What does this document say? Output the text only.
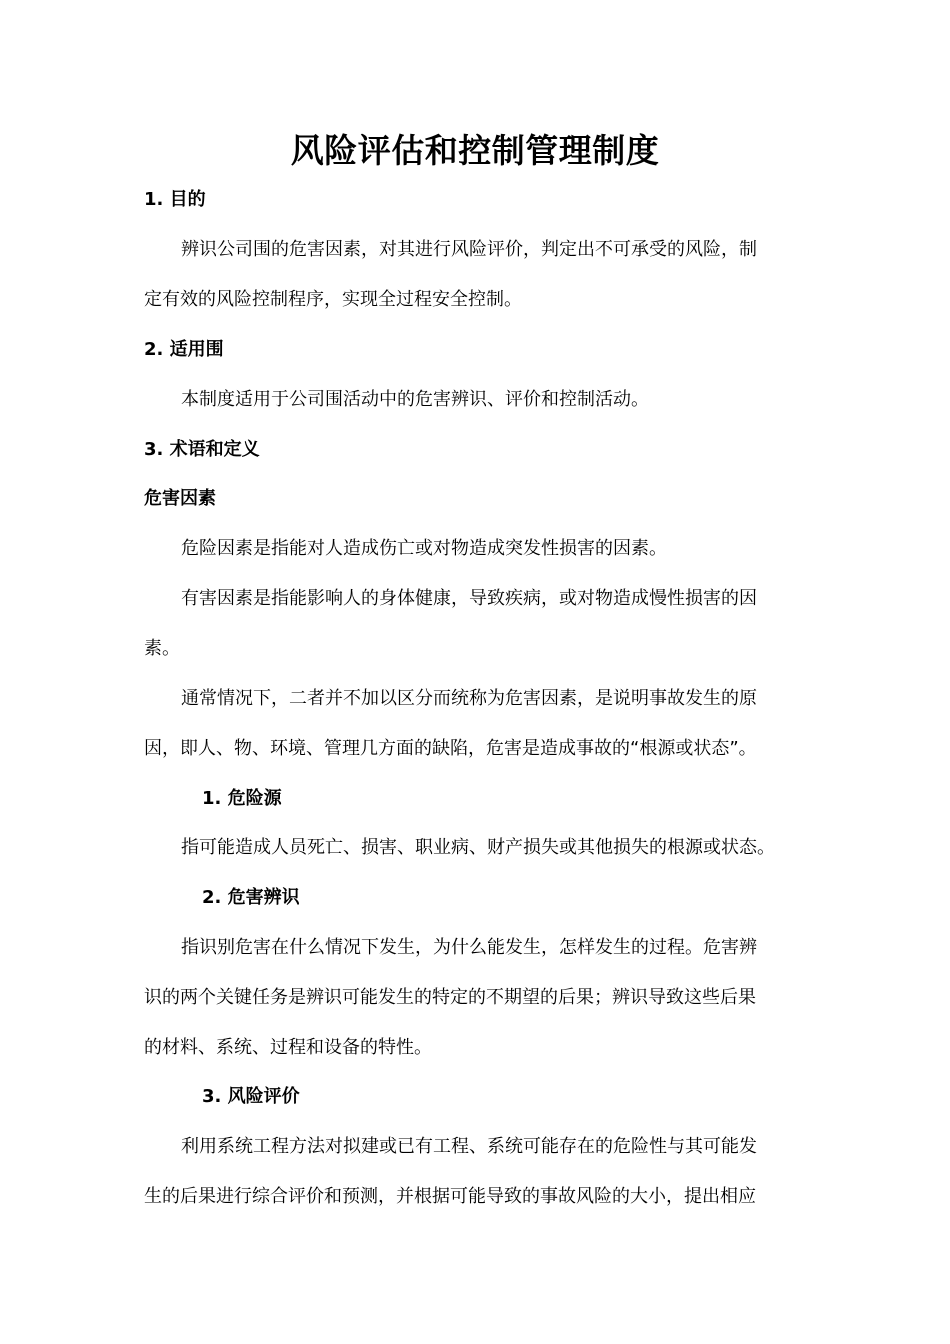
风险评估和控制管理制度
1. 目的
辨识公司围的危害因素，对其进行风险评价，判定出不可承受的风险，制
定有效的风险控制程序，实现全过程安全控制。
2. 适用围
本制度适用于公司围活动中的危害辨识、评价和控制活动。
3. 术语和定义
危害因素
危险因素是指能对人造成伤亡或对物造成突发性损害的因素。
有害因素是指能影响人的身体健康，导致疾病，或对物造成慢性损害的因
素。
通常情况下，二者并不加以区分而统称为危害因素，是说明事故发生的原
因，即人、物、环境、管理几方面的缺陷，危害是造成事故的“根源或状态”。
1. 危险源
指可能造成人员死亡、损害、职业病、财产损失或其他损失的根源或状态。
2. 危害辨识
指识别危害在什么情况下发生，为什么能发生，怎样发生的过程。危害辨
识的两个关键任务是辨识可能发生的特定的不期望的后果；辨识导致这些后果
的材料、系统、过程和设备的特性。
3. 风险评价
利用系统工程方法对拟建或已有工程、系统可能存在的危险性与其可能发
生的后果进行综合评价和预测，并根据可能导致的事故风险的大小，提出相应
